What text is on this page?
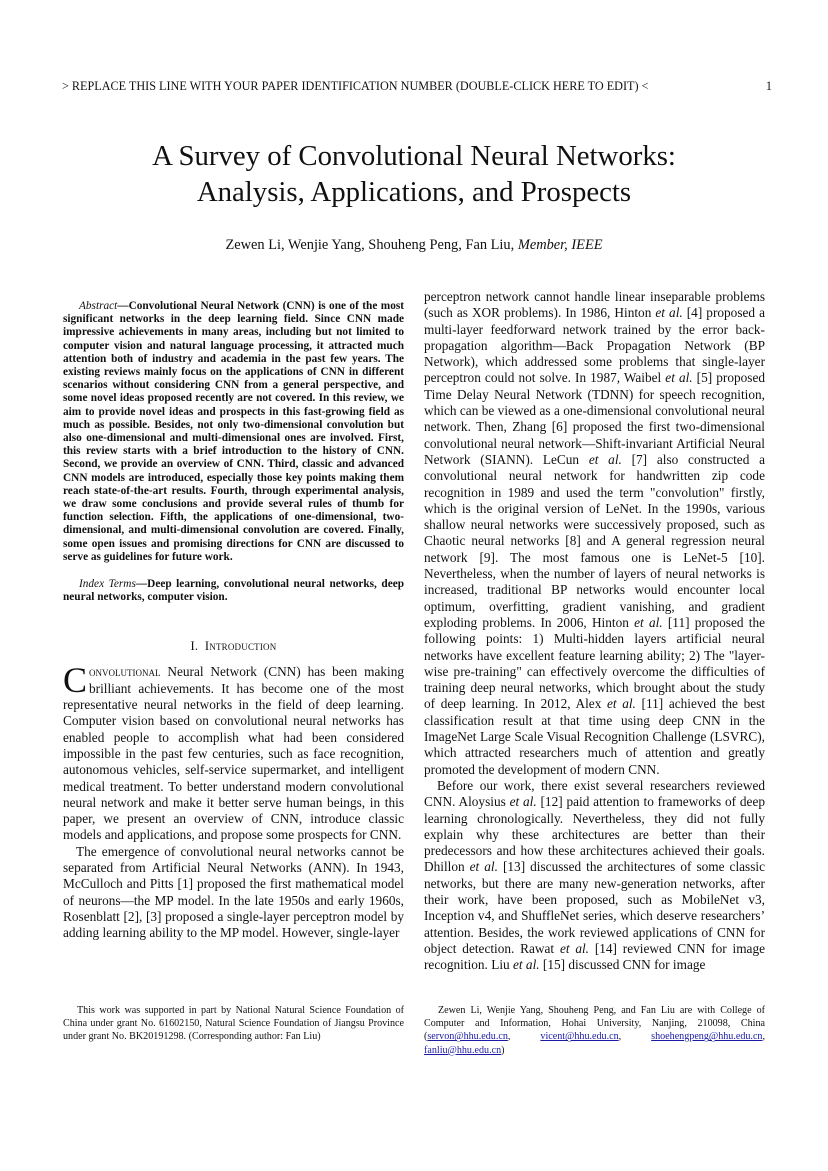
> REPLACE THIS LINE WITH YOUR PAPER IDENTIFICATION NUMBER (DOUBLE-CLICK HERE TO EDIT) <	1
A Survey of Convolutional Neural Networks:
Analysis, Applications, and Prospects
Zewen Li, Wenjie Yang, Shouheng Peng, Fan Liu, Member, IEEE

Abstract—Convolutional Neural Network (CNN) is one of the most significant networks in the deep learning field. Since CNN made impressive achievements in many areas, including but not limited to computer vision and natural language processing, it attracted much attention both of industry and academia in the past few years. The existing reviews mainly focus on the applications of CNN in different scenarios without considering CNN from a general perspective, and some novel ideas proposed recently are not covered. In this review, we aim to provide novel ideas and prospects in this fast-growing field as much as possible. Besides, not only two-dimensional convolution but also one-dimensional and multi-dimensional ones are involved. First, this review starts with a brief introduction to the history of CNN. Second, we provide an overview of CNN. Third, classic and advanced CNN models are introduced, especially those key points making them reach state-of-the-art results. Fourth, through experimental analysis, we draw some conclusions and provide several rules of thumb for function selection. Fifth, the applications of one-dimensional, two-dimensional, and multi-dimensional convolution are covered. Finally, some open issues and promising directions for CNN are discussed to serve as guidelines for future work.

Index Terms—Deep learning, convolutional neural networks, deep neural networks, computer vision.

I. Introduction

Convolutional Neural Network (CNN) has been making brilliant achievements. It has become one of the most representative neural networks in the field of deep learning. Computer vision based on convolutional neural networks has enabled people to accomplish what had been considered impossible in the past few centuries, such as face recognition, autonomous vehicles, self-service supermarket, and intelligent medical treatment. To better understand modern convolutional neural network and make it better serve human beings, in this paper, we present an overview of CNN, introduce classic models and applications, and propose some prospects for CNN.

The emergence of convolutional neural networks cannot be separated from Artificial Neural Networks (ANN). In 1943, McCulloch and Pitts [1] proposed the first mathematical model of neurons—the MP model. In the late 1950s and early 1960s, Rosenblatt [2], [3] proposed a single-layer perceptron model by adding learning ability to the MP model. However, single-layer

perceptron network cannot handle linear inseparable problems (such as XOR problems). In 1986, Hinton et al. [4] proposed a multi-layer feedforward network trained by the error back-propagation algorithm—Back Propagation Network (BP Network), which addressed some problems that single-layer perceptron could not solve. In 1987, Waibel et al. [5] proposed Time Delay Neural Network (TDNN) for speech recognition, which can be viewed as a one-dimensional convolutional neural network. Then, Zhang [6] proposed the first two-dimensional convolutional neural network—Shift-invariant Artificial Neural Network (SIANN). LeCun et al. [7] also constructed a convolutional neural network for handwritten zip code recognition in 1989 and used the term "convolution" firstly, which is the original version of LeNet. In the 1990s, various shallow neural networks were successively proposed, such as Chaotic neural networks [8] and A general regression neural network [9]. The most famous one is LeNet-5 [10]. Nevertheless, when the number of layers of neural networks is increased, traditional BP networks would encounter local optimum, overfitting, gradient vanishing, and gradient exploding problems. In 2006, Hinton et al. [11] proposed the following points: 1) Multi-hidden layers artificial neural networks have excellent feature learning ability; 2) The "layer-wise pre-training" can effectively overcome the difficulties of training deep neural networks, which brought about the study of deep learning. In 2012, Alex et al. [11] achieved the best classification result at that time using deep CNN in the ImageNet Large Scale Visual Recognition Challenge (LSVRC), which attracted researchers much of attention and greatly promoted the development of modern CNN.

Before our work, there exist several researchers reviewed CNN. Aloysius et al. [12] paid attention to frameworks of deep learning chronologically. Nevertheless, they did not fully explain why these architectures are better than their predecessors and how these architectures achieved their goals. Dhillon et al. [13] discussed the architectures of some classic networks, but there are many new-generation networks, after their work, have been proposed, such as MobileNet v3, Inception v4, and ShuffleNet series, which deserve researchers’ attention. Besides, the work reviewed applications of CNN for object detection. Rawat et al. [14] reviewed CNN for image recognition. Liu et al. [15] discussed CNN for image

This work was supported in part by National Natural Science Foundation of China under grant No. 61602150, Natural Science Foundation of Jiangsu Province under grant No. BK20191298. (Corresponding author: Fan Liu)
Zewen Li, Wenjie Yang, Shouheng Peng, and Fan Liu are with College of Computer and Information, Hohai University, Nanjing, 210098, China (servon@hhu.edu.cn, vicent@hhu.edu.cn, shoehengpeng@hhu.edu.cn, fanliu@hhu.edu.cn)
